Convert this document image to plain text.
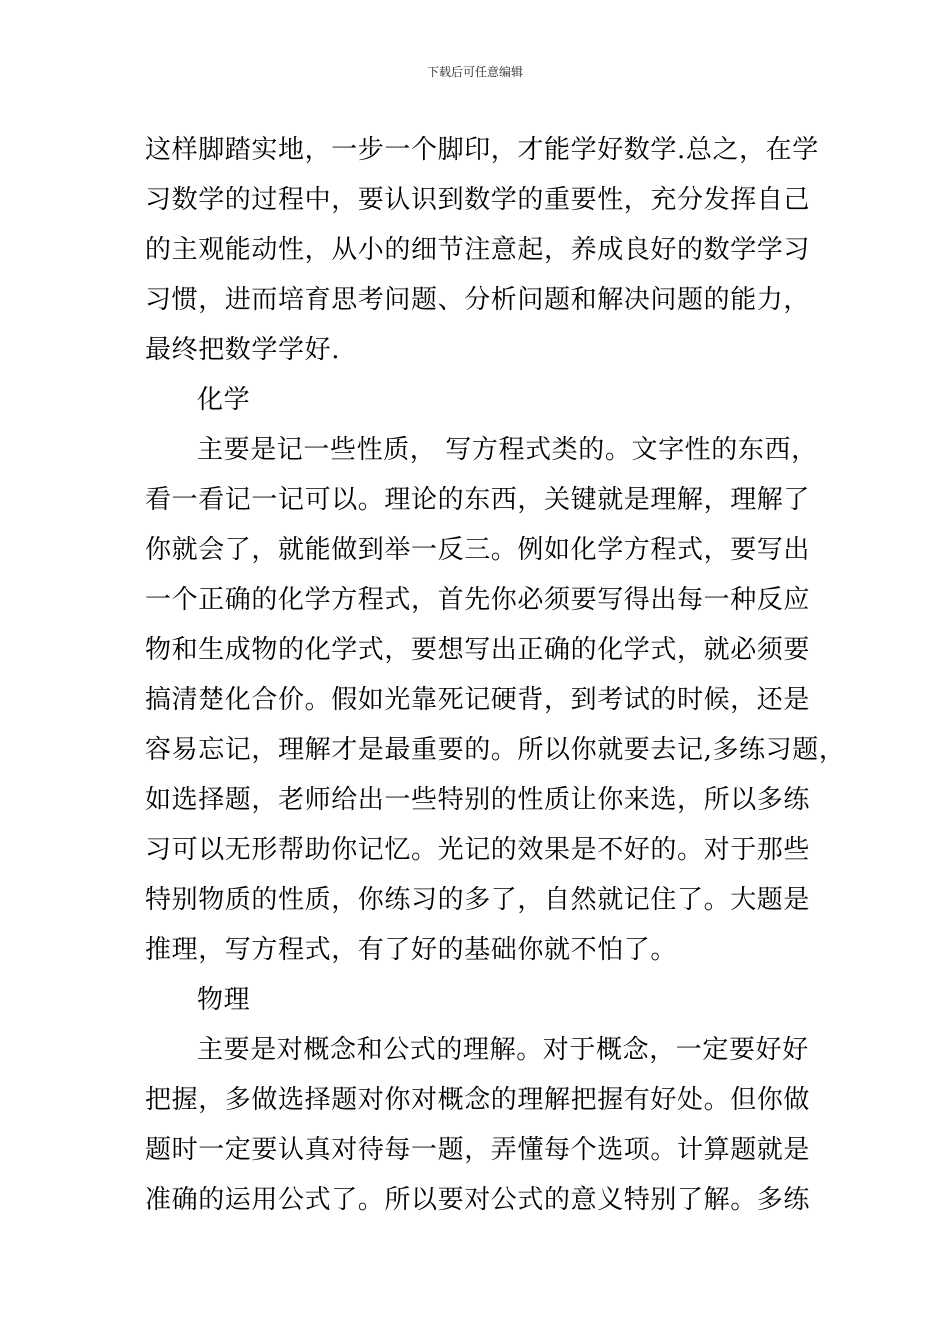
下载后可任意编辑
这样脚踏实地，一步一个脚印，才能学好数学.总之，在学
习数学的过程中，要认识到数学的重要性，充分发挥自己
的主观能动性，从小的细节注意起，养成良好的数学学习
习惯，进而培育思考问题、分析问题和解决问题的能力，
最终把数学学好.
化学
主要是记一些性质， 写方程式类的。文字性的东西，
看一看记一记可以。理论的东西，关键就是理解，理解了
你就会了，就能做到举一反三。例如化学方程式，要写出
一个正确的化学方程式，首先你必须要写得出每一种反应
物和生成物的化学式，要想写出正确的化学式，就必须要
搞清楚化合价。假如光靠死记硬背，到考试的时候，还是
容易忘记，理解才是最重要的。所以你就要去记,多练习题，
如选择题，老师给出一些特别的性质让你来选，所以多练
习可以无形帮助你记忆。光记的效果是不好的。对于那些
特别物质的性质，你练习的多了，自然就记住了。大题是
推理，写方程式，有了好的基础你就不怕了。
物理
主要是对概念和公式的理解。对于概念，一定要好好
把握，多做选择题对你对概念的理解把握有好处。但你做
题时一定要认真对待每一题，弄懂每个选项。计算题就是
准确的运用公式了。所以要对公式的意义特别了解。多练
